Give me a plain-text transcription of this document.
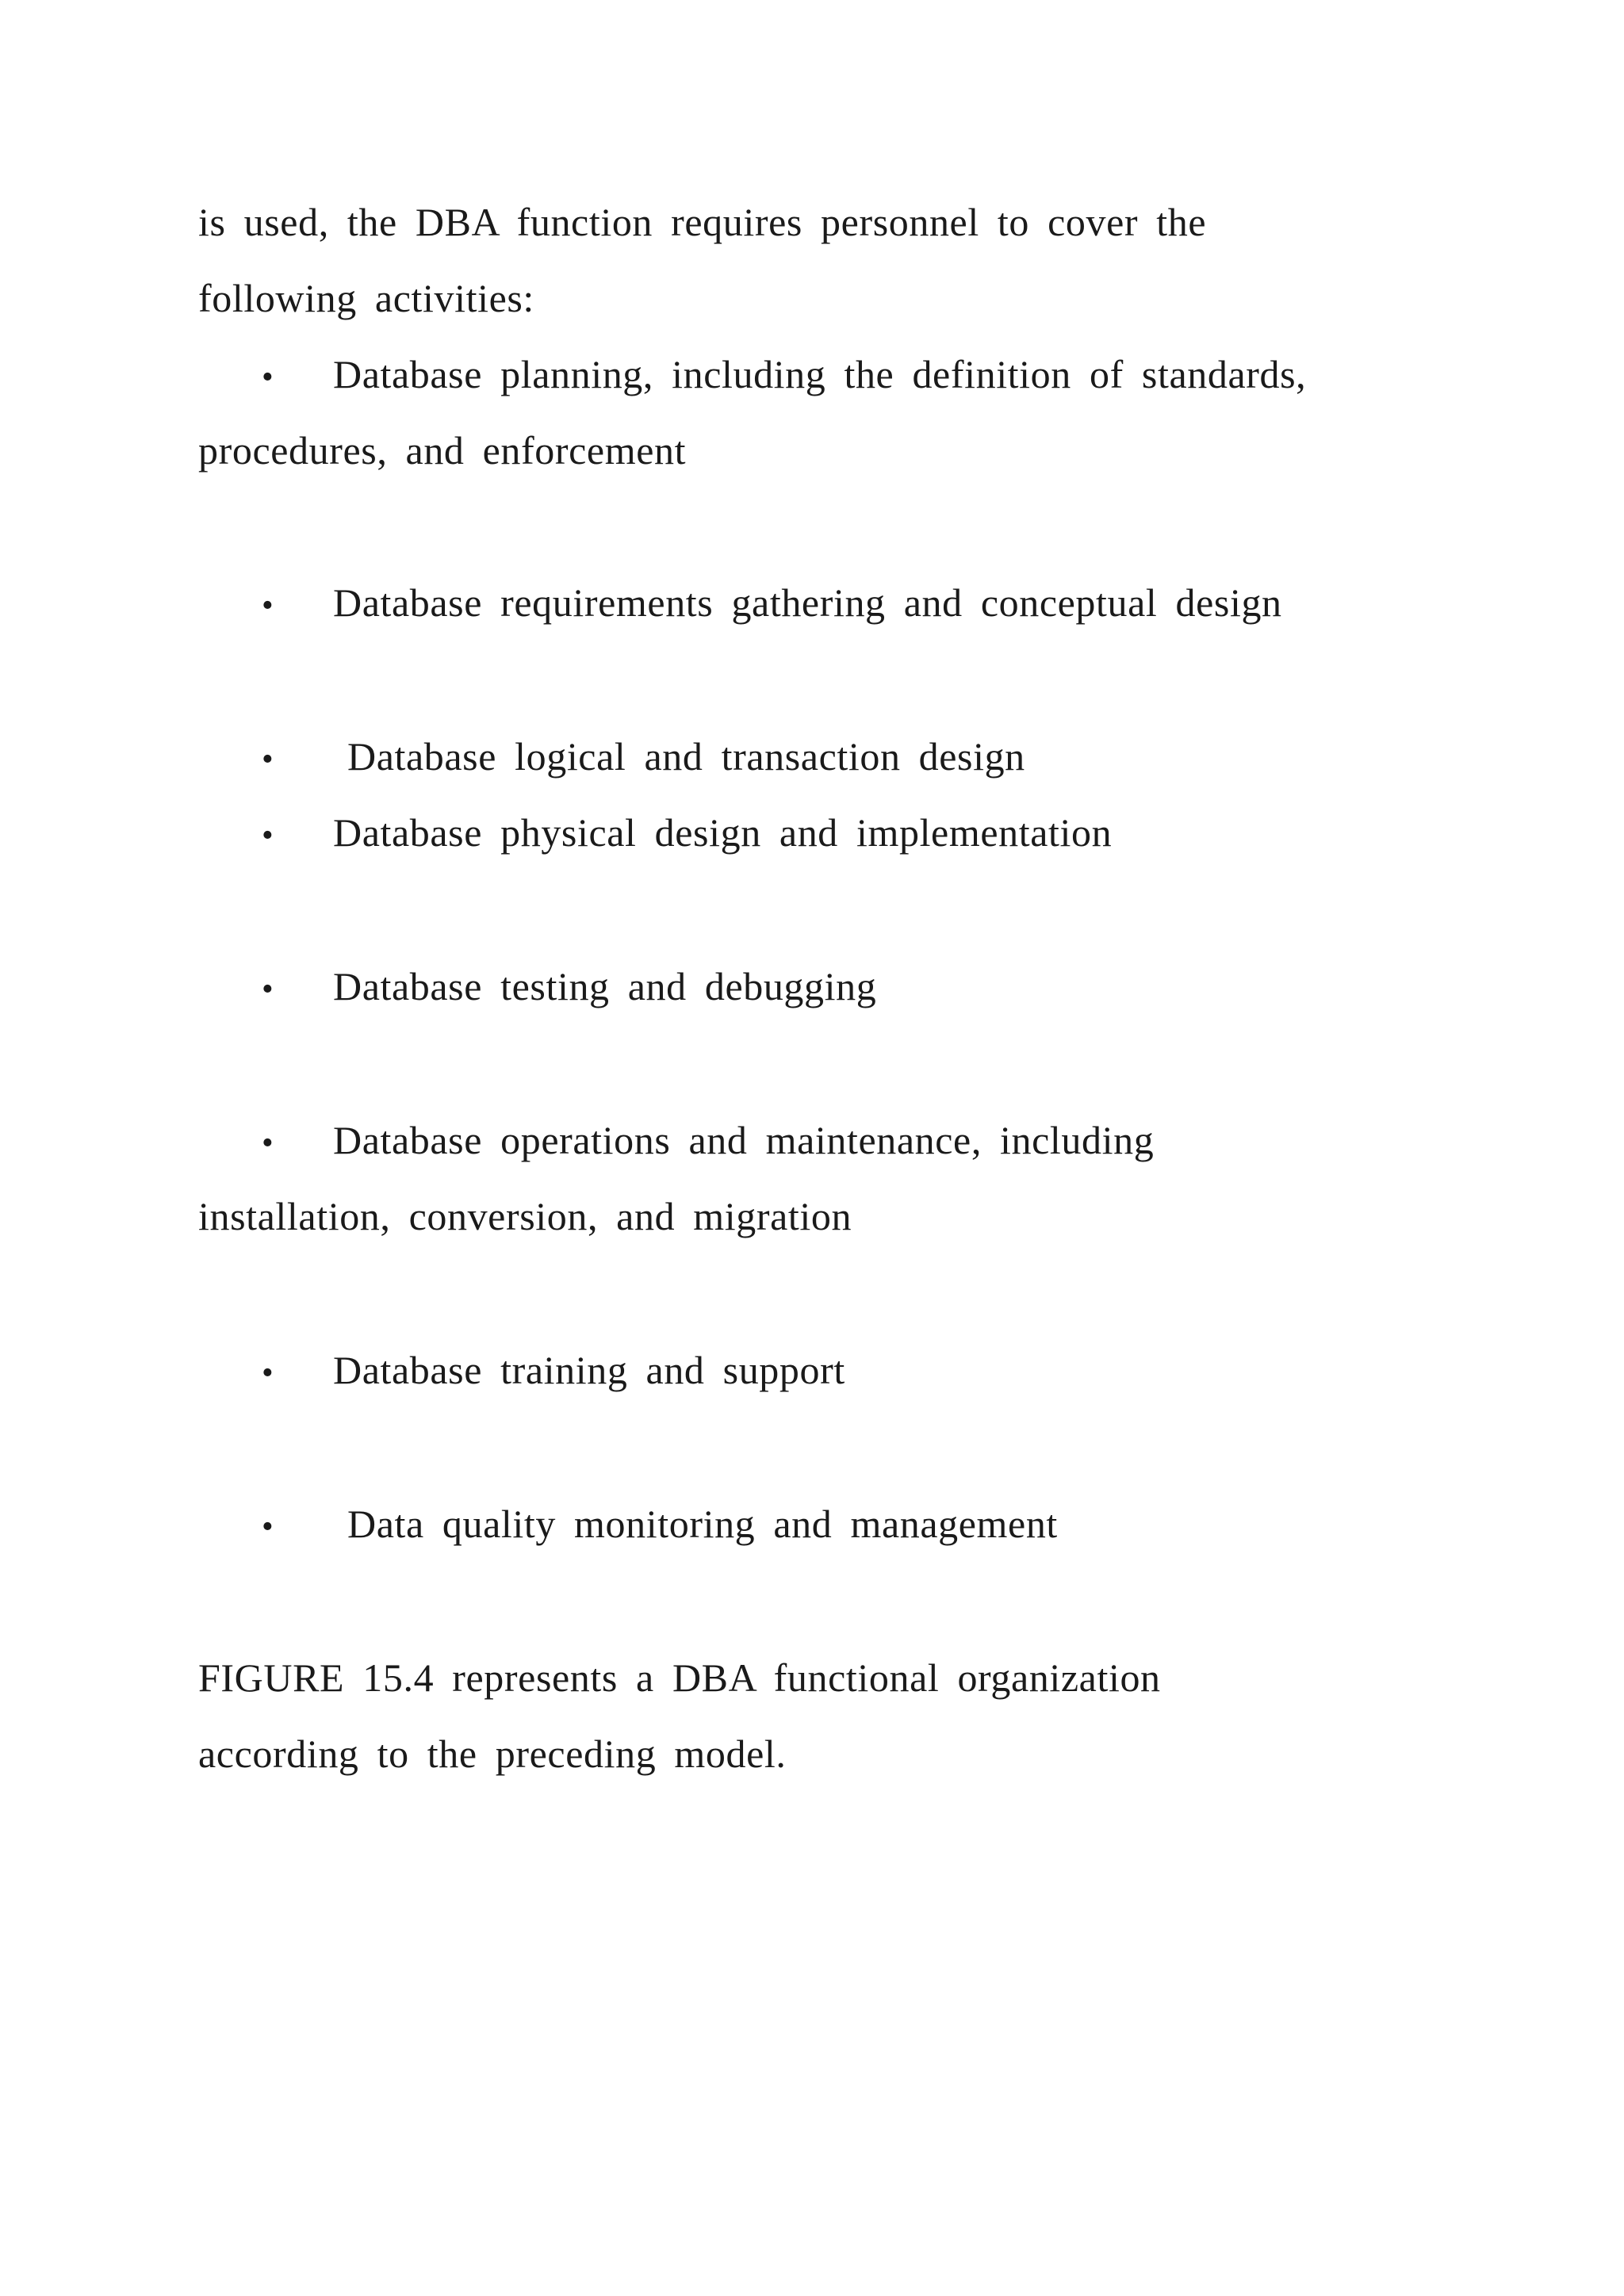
is used, the DBA function requires personnel to cover the
following activities:
• Database planning, including the definition of standards,
procedures, and enforcement
• Database requirements gathering and conceptual design
• Database logical and transaction design
• Database physical design and implementation
• Database testing and debugging
• Database operations and maintenance, including
installation, conversion, and migration
• Database training and support
• Data quality monitoring and management
FIGURE 15.4 represents a DBA functional organization
according to the preceding model.
